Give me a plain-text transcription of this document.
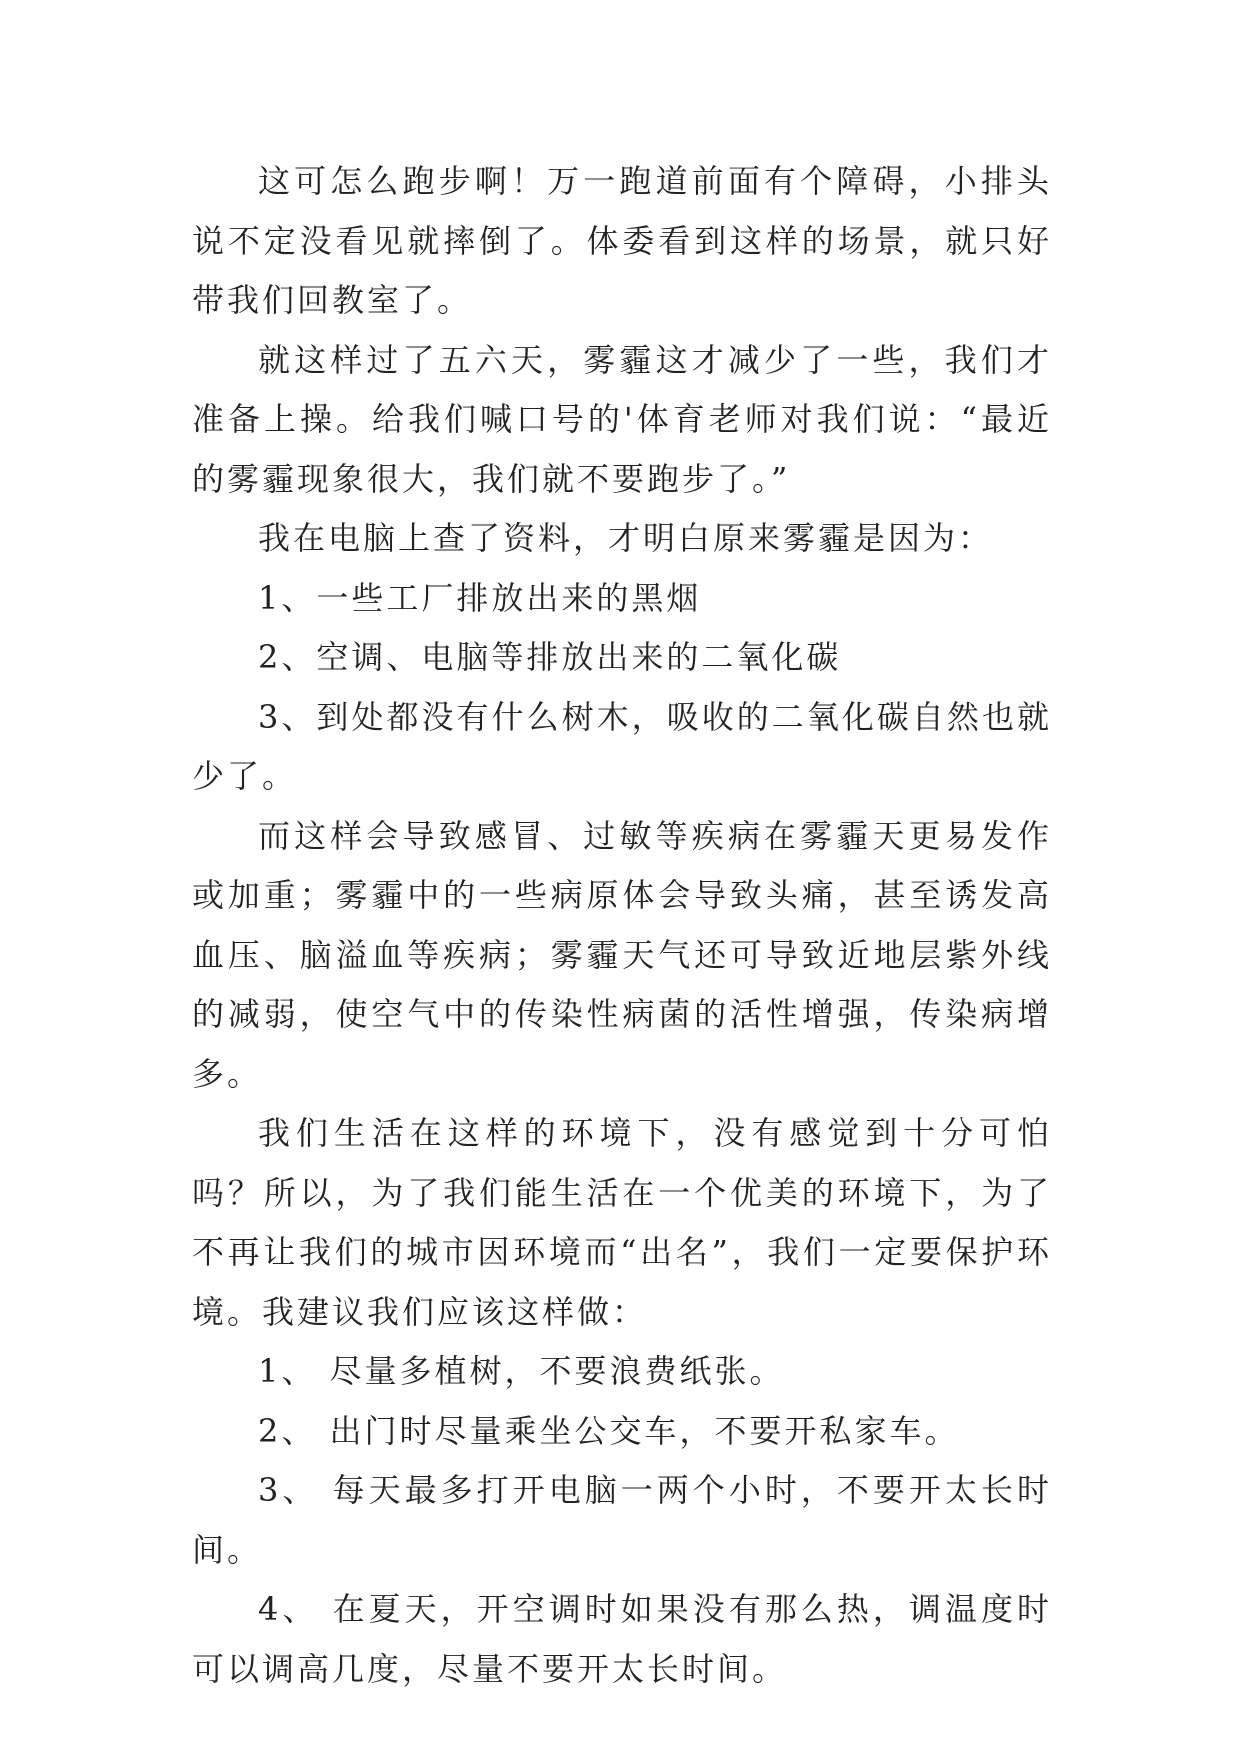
这可怎么跑步啊！万一跑道前面有个障碍，小排头说不定没看见就摔倒了。体委看到这样的场景，就只好带我们回教室了。

就这样过了五六天，雾霾这才减少了一些，我们才准备上操。给我们喊口号的'体育老师对我们说：“最近的雾霾现象很大，我们就不要跑步了。”

我在电脑上查了资料，才明白原来雾霾是因为：

1、一些工厂排放出来的黑烟

2、空调、电脑等排放出来的二氧化碳

3、到处都没有什么树木，吸收的二氧化碳自然也就少了。

而这样会导致感冒、过敏等疾病在雾霾天更易发作或加重；雾霾中的一些病原体会导致头痛，甚至诱发高血压、脑溢血等疾病；雾霾天气还可导致近地层紫外线的减弱，使空气中的传染性病菌的活性增强，传染病增多。

我们生活在这样的环境下，没有感觉到十分可怕吗？所以，为了我们能生活在一个优美的环境下，为了不再让我们的城市因环境而“出名”，我们一定要保护环境。我建议我们应该这样做：

1、 尽量多植树，不要浪费纸张。

2、 出门时尽量乘坐公交车，不要开私家车。

3、 每天最多打开电脑一两个小时，不要开太长时间。

4、 在夏天，开空调时如果没有那么热，调温度时可以调高几度，尽量不要开太长时间。
